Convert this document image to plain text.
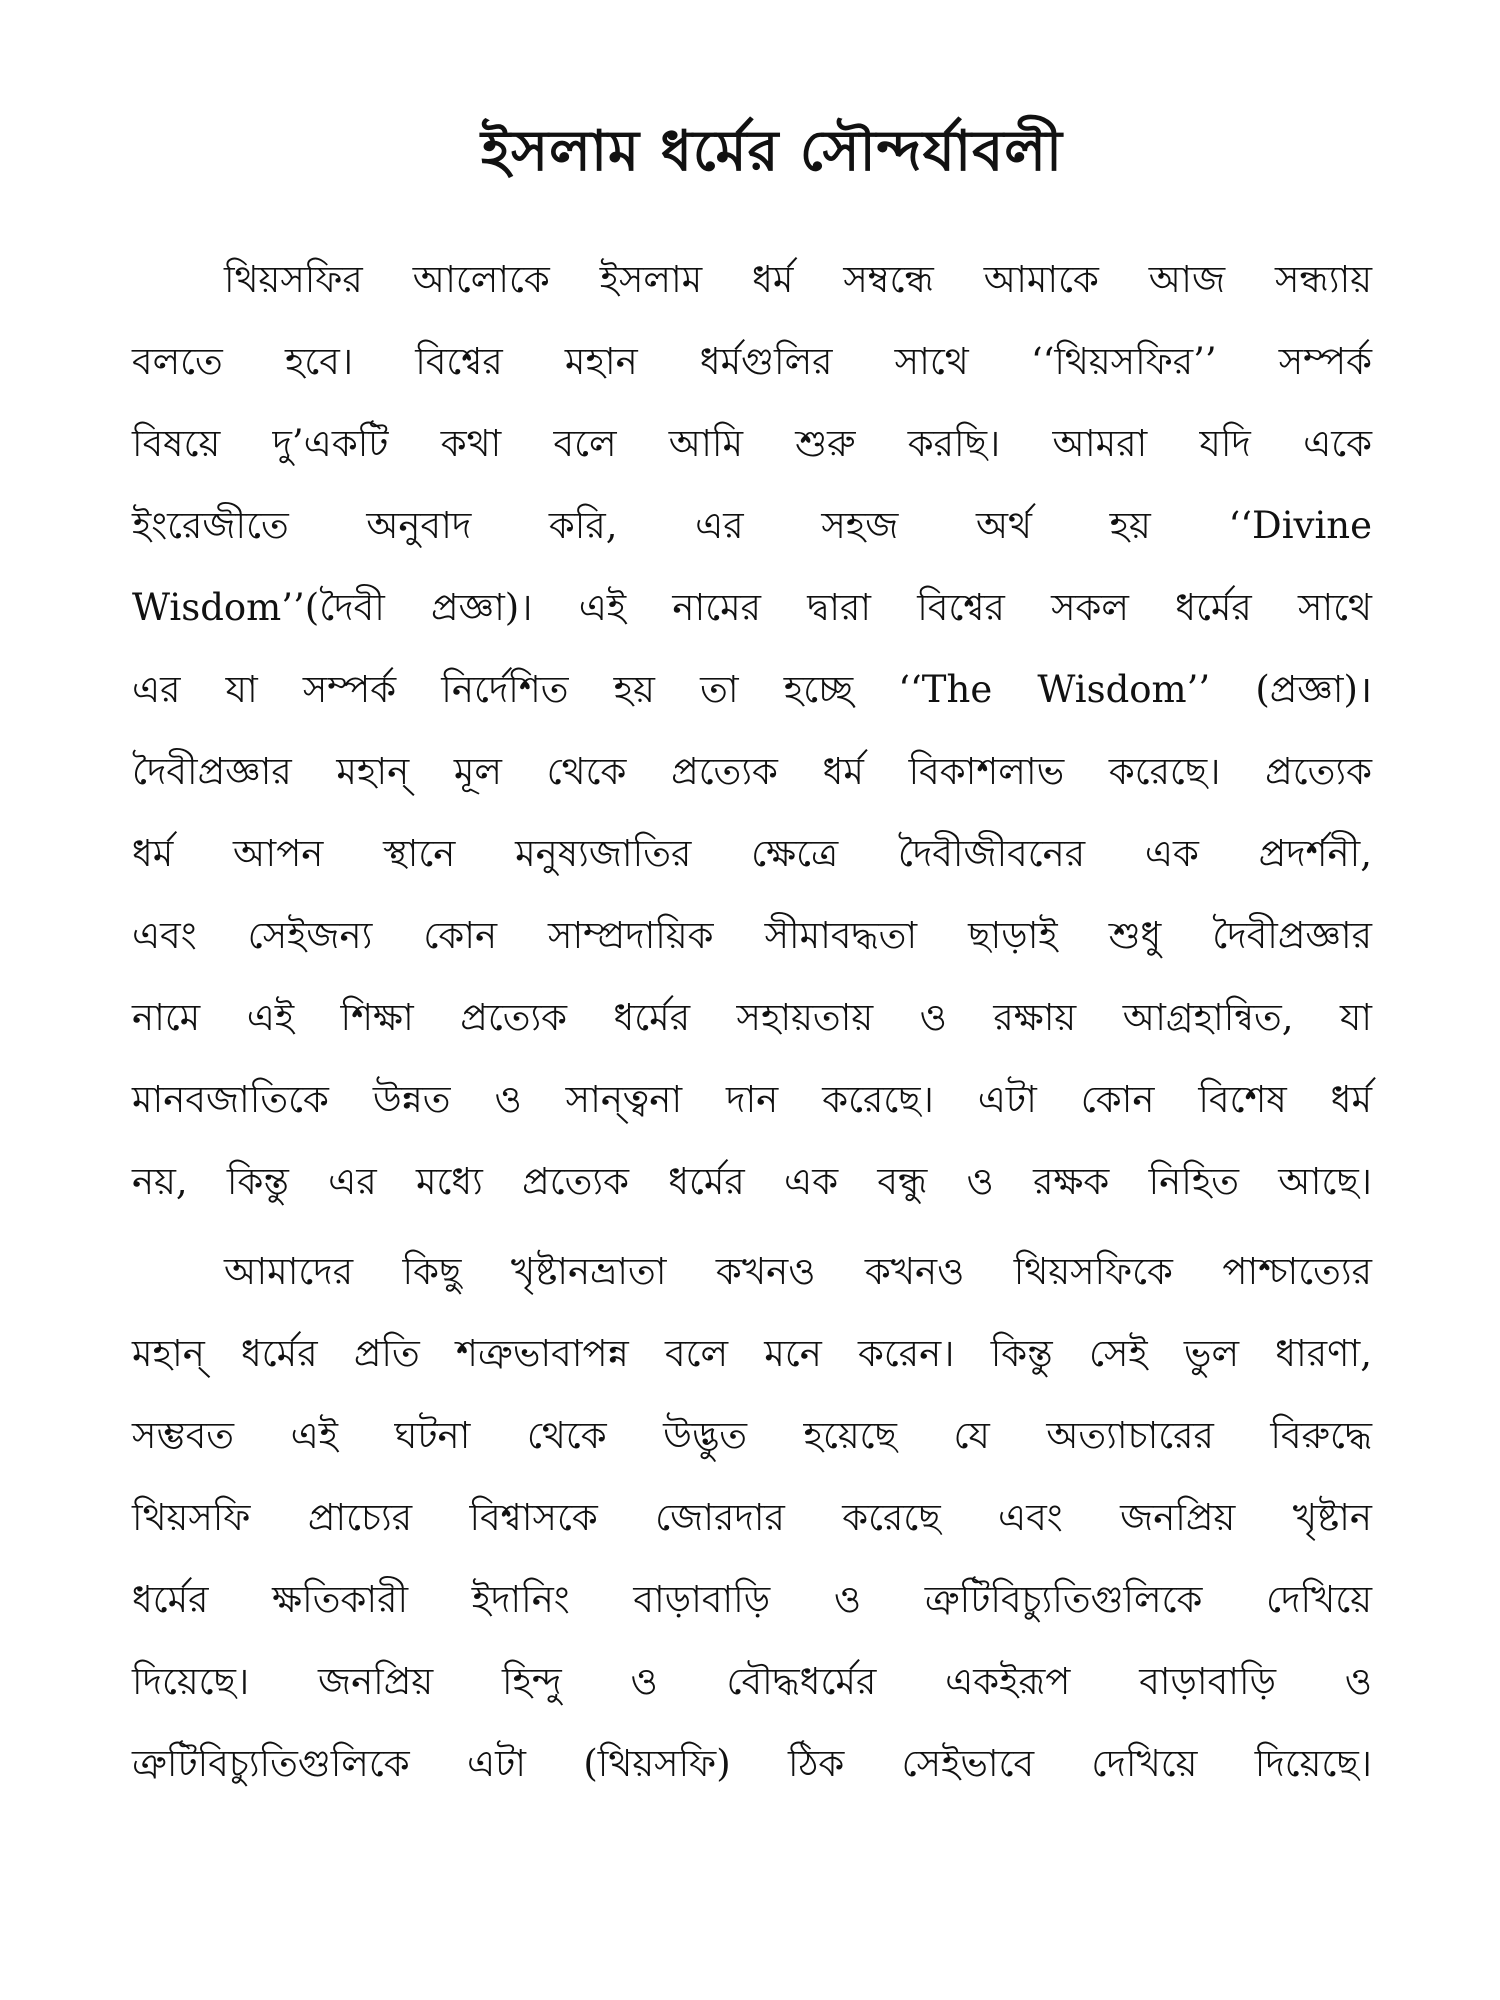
ইসলাম ধর্মের সৌন্দর্যাবলী
থিয়সফির আলোকে ইসলাম ধর্ম সম্বন্ধে আমাকে আজ সন্ধ্যায়
বলতে হবে। বিশ্বের মহান ধর্মগুলির সাথে ‘‘থিয়সফির’’ সম্পর্ক
বিষয়ে দু’একটি কথা বলে আমি শুরু করছি। আমরা যদি একে
ইংরেজীতে অনুবাদ করি, এর সহজ অর্থ হয় ‘‘Divine
Wisdom’’(দৈবী প্রজ্ঞা)। এই নামের দ্বারা বিশ্বের সকল ধর্মের সাথে
এর যা সম্পর্ক নির্দেশিত হয় তা হচ্ছে ‘‘The Wisdom’’ (প্রজ্ঞা)।
দৈবীপ্রজ্ঞার মহান্ মূল থেকে প্রত্যেক ধর্ম বিকাশলাভ করেছে। প্রত্যেক
ধর্ম আপন স্থানে মনুষ্যজাতির ক্ষেত্রে দৈবীজীবনের এক প্রদর্শনী,
এবং সেইজন্য কোন সাম্প্রদায়িক সীমাবদ্ধতা ছাড়াই শুধু দৈবীপ্রজ্ঞার
নামে এই শিক্ষা প্রত্যেক ধর্মের সহায়তায় ও রক্ষায় আগ্রহান্বিত, যা
মানবজাতিকে উন্নত ও সান্ত্বনা দান করেছে। এটা কোন বিশেষ ধর্ম
নয়, কিন্তু এর মধ্যে প্রত্যেক ধর্মের এক বন্ধু ও রক্ষক নিহিত আছে।
আমাদের কিছু খৃষ্টানভ্রাতা কখনও কখনও থিয়সফিকে পাশ্চাত্যের
মহান্ ধর্মের প্রতি শত্রুভাবাপন্ন বলে মনে করেন। কিন্তু সেই ভুল ধারণা,
সম্ভবত এই ঘটনা থেকে উদ্ভুত হয়েছে যে অত্যাচারের বিরুদ্ধে
থিয়সফি প্রাচ্যের বিশ্বাসকে জোরদার করেছে এবং জনপ্রিয় খৃষ্টান
ধর্মের ক্ষতিকারী ইদানিং বাড়াবাড়ি ও ত্রুটিবিচ্যুতিগুলিকে দেখিয়ে
দিয়েছে। জনপ্রিয় হিন্দু ও বৌদ্ধধর্মের একইরূপ বাড়াবাড়ি ও
ত্রুটিবিচ্যুতিগুলিকে এটা (থিয়সফি) ঠিক সেইভাবে দেখিয়ে দিয়েছে।
